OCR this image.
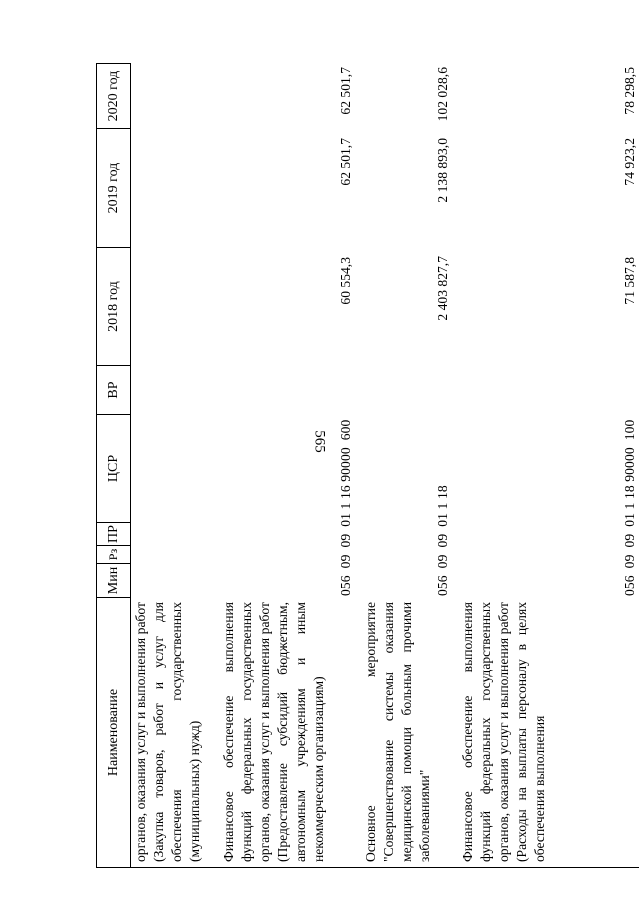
565
Наименование
Мин
Рз
ПР
ЦСР
ВР
2018 год
2019 год
2020 год
органов, оказания услуг и выполнения работ (Закупка товаров, работ и услуг для обеспечения государственных (муниципальных) нужд) Финансовое обеспечение выполнения функций федеральных государственных органов, оказания услуг и выполнения работ (Предоставление субсидий бюджетным, автономным учреждениям и иным некоммерческим организациям)
056  09  09  01 1 16 90000  600
60 554,3
62 501,7
62 501,7
Основное мероприятие "Совершенствование системы оказания медицинской помощи больным прочими заболеваниями"
056  09  09  01 1 18
2 403 827,7
2 138 893,0
102 028,6
Финансовое обеспечение выполнения функций федеральных государственных органов, оказания услуг и выполнения работ (Расходы на выплаты персоналу в целях обеспечения выполнения
056  09  09  01 1 18 90000  100
71 587,8
74 923,2
78 298,5
